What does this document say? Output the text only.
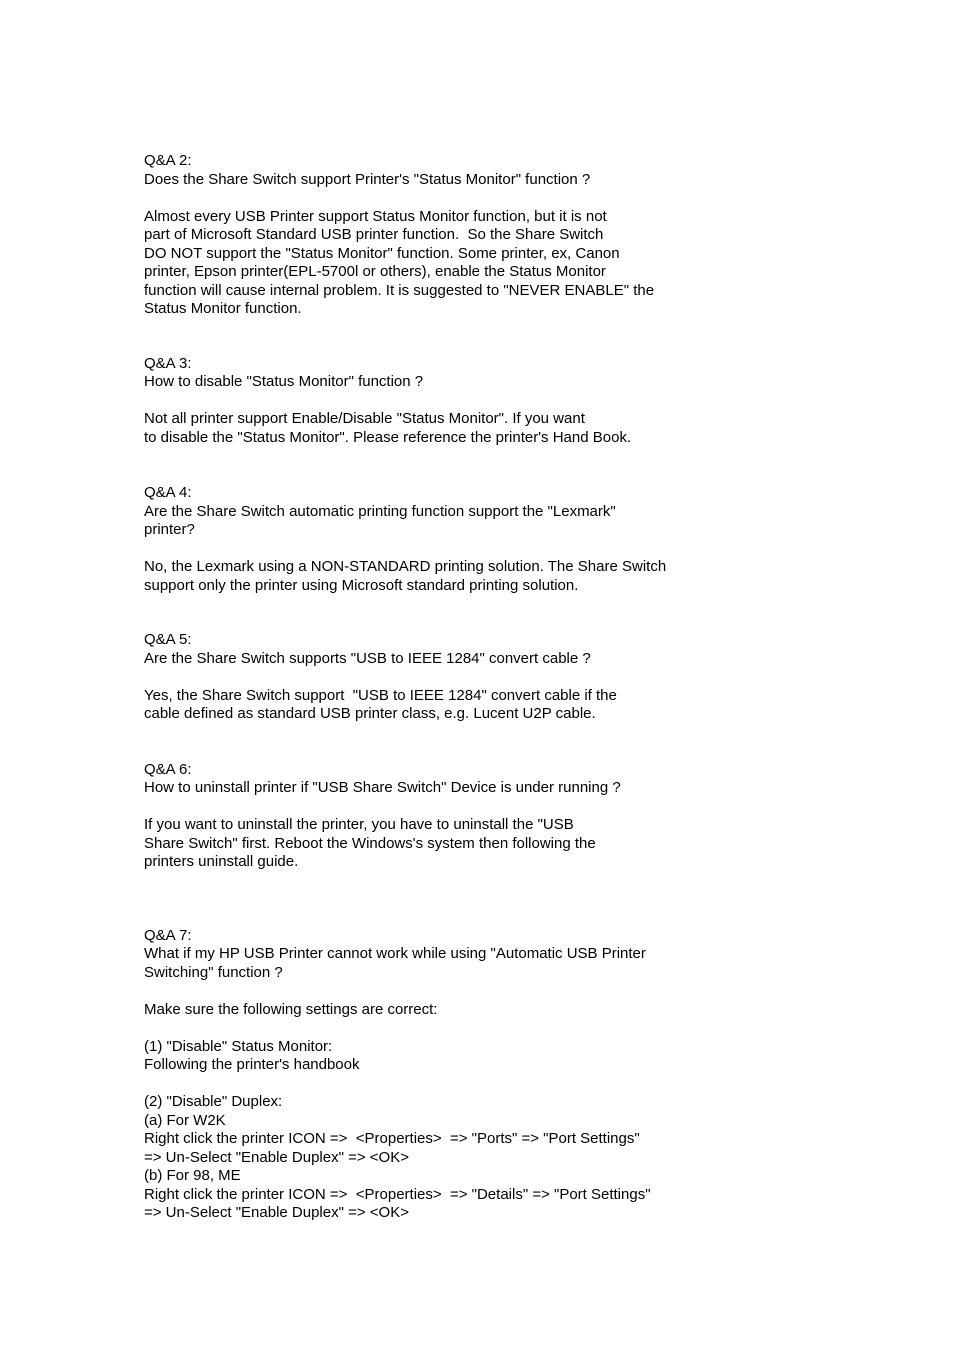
Q&A 2:
Does the Share Switch support Printer's "Status Monitor" function ?
Almost every USB Printer support Status Monitor function, but it is not
part of Microsoft Standard USB printer function.  So the Share Switch
DO NOT support the "Status Monitor" function. Some printer, ex, Canon
printer, Epson printer(EPL-5700l or others), enable the Status Monitor
function will cause internal problem. It is suggested to "NEVER ENABLE" the
Status Monitor function.
Q&A 3:
How to disable "Status Monitor" function ?
Not all printer support Enable/Disable "Status Monitor". If you want
to disable the "Status Monitor". Please reference the printer's Hand Book.
Q&A 4:
Are the Share Switch automatic printing function support the "Lexmark"
printer?
No, the Lexmark using a NON-STANDARD printing solution. The Share Switch
support only the printer using Microsoft standard printing solution.
Q&A 5:
Are the Share Switch supports "USB to IEEE 1284" convert cable ?
Yes, the Share Switch support  "USB to IEEE 1284" convert cable if the
cable defined as standard USB printer class, e.g. Lucent U2P cable.
Q&A 6:
How to uninstall printer if "USB Share Switch" Device is under running ?
If you want to uninstall the printer, you have to uninstall the "USB
Share Switch" first. Reboot the Windows's system then following the
printers uninstall guide.
Q&A 7:
What if my HP USB Printer cannot work while using "Automatic USB Printer
Switching" function ?
Make sure the following settings are correct:
(1) "Disable" Status Monitor:
Following the printer's handbook
(2) "Disable" Duplex:
(a) For W2K
Right click the printer ICON =>  <Properties>  => "Ports" => "Port Settings"
=> Un-Select "Enable Duplex" => <OK>
(b) For 98, ME
Right click the printer ICON =>  <Properties>  => "Details" => "Port Settings"
=> Un-Select "Enable Duplex" => <OK>
